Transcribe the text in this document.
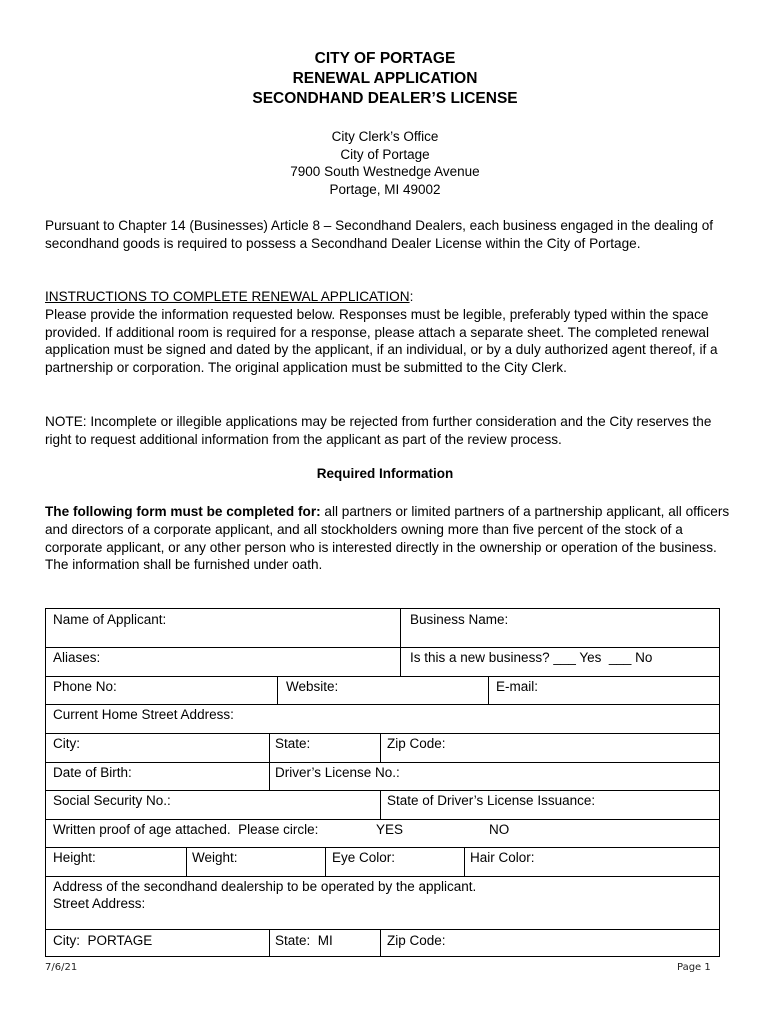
CITY OF PORTAGE
RENEWAL APPLICATION
SECONDHAND DEALER’S LICENSE
City Clerk’s Office
City of Portage
7900 South Westnedge Avenue
Portage, MI 49002

Pursuant to Chapter 14 (Businesses) Article 8 – Secondhand Dealers, each business engaged in the dealing of secondhand goods is required to possess a Secondhand Dealer License within the City of Portage.

INSTRUCTIONS TO COMPLETE RENEWAL APPLICATION:

Please provide the information requested below. Responses must be legible, preferably typed within the space provided. If additional room is required for a response, please attach a separate sheet. The completed renewal application must be signed and dated by the applicant, if an individual, or by a duly authorized agent thereof, if a partnership or corporation. The original application must be submitted to the City Clerk.

NOTE: Incomplete or illegible applications may be rejected from further consideration and the City reserves the right to request additional information from the applicant as part of the review process.

Required Information

The following form must be completed for: all partners or limited partners of a partnership applicant, all officers and directors of a corporate applicant, and all stockholders owning more than five percent of the stock of a corporate applicant, or any other person who is interested directly in the ownership or operation of the business. The information shall be furnished under oath.

Name of Applicant:	Business Name:
Aliases:	Is this a new business? ___ Yes  ___ No
Phone No:	Website:	E-mail:
Current Home Street Address:
City:	State:	Zip Code:
Date of Birth:	Driver’s License No.:
Social Security No.:	State of Driver’s License Issuance:
Written proof of age attached.  Please circle:	YES	NO
Height:	Weight:	Eye Color:	Hair Color:
Address of the secondhand dealership to be operated by the applicant.
Street Address:
City:  PORTAGE	State:  MI	Zip Code:
7/6/21	Page 1
